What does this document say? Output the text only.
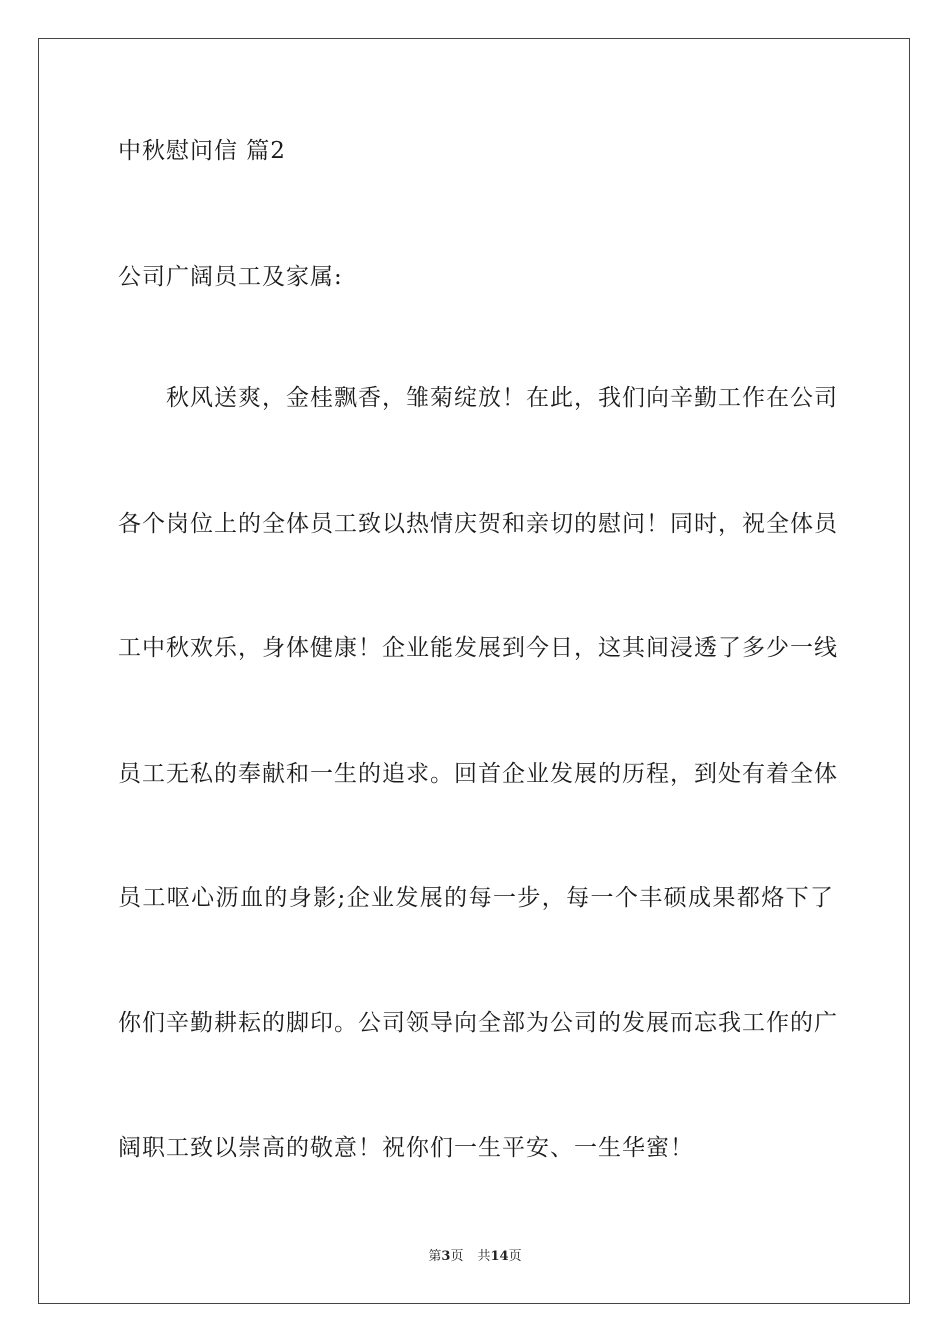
中秋慰问信 篇2
公司广阔员工及家属:
　　秋风送爽，金桂飘香，雏菊绽放！在此，我们向辛勤工作在公司
各个岗位上的全体员工致以热情庆贺和亲切的慰问！同时，祝全体员
工中秋欢乐，身体健康！企业能发展到今日，这其间浸透了多少一线
员工无私的奉献和一生的追求。回首企业发展的历程，到处有着全体
员工呕心沥血的身影;企业发展的每一步，每一个丰硕成果都烙下了
你们辛勤耕耘的脚印。公司领导向全部为公司的发展而忘我工作的广
阔职工致以崇高的敬意！祝你们一生平安、一生华蜜！
第3页 共14页
